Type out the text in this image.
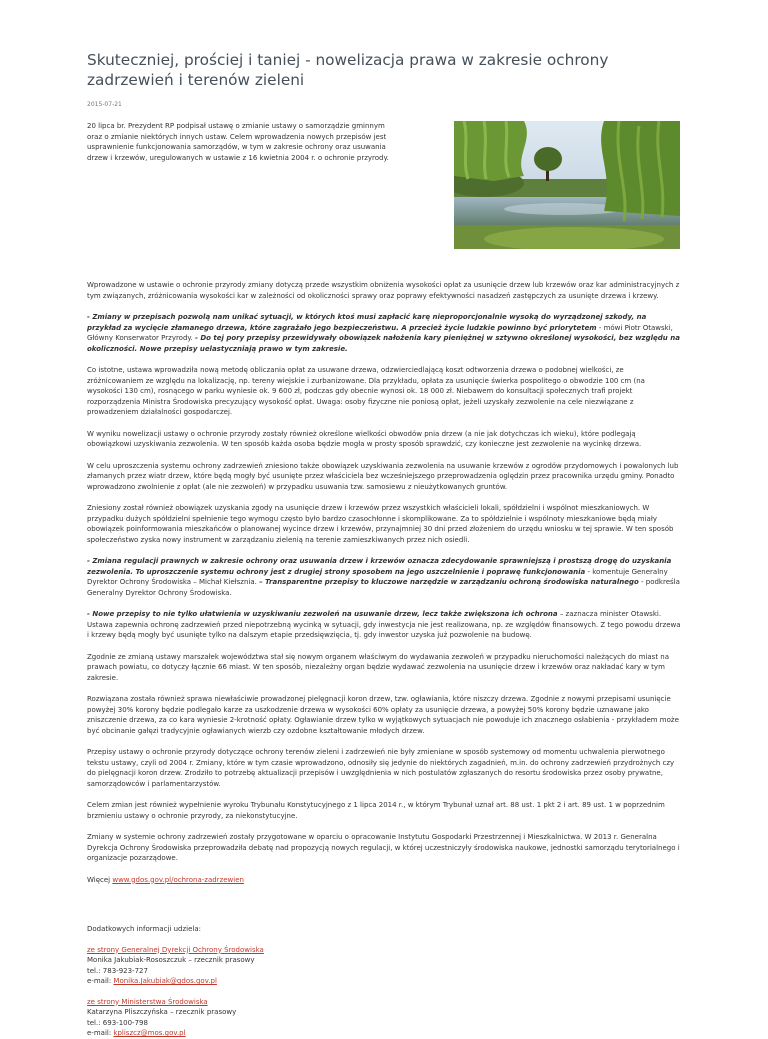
Skuteczniej, prościej i taniej - nowelizacja prawa w zakresie ochrony zadrzewień i terenów zieleni
2015-07-21

20 lipca br. Prezydent RP podpisał ustawę o zmianie ustawy o samorządzie gminnym oraz o zmianie niektórych innych ustaw. Celem wprowadzenia nowych przepisów jest usprawnienie funkcjonowania samorządów, w tym w zakresie ochrony oraz usuwania drzew i krzewów, uregulowanych w ustawie z 16 kwietnia 2004 r. o ochronie przyrody.

Wprowadzone w ustawie o ochronie przyrody zmiany dotyczą przede wszystkim obniżenia wysokości opłat za usunięcie drzew lub krzewów oraz kar administracyjnych z tym związanych, zróżnicowania wysokości kar w zależności od okoliczności sprawy oraz poprawy efektywności nasadzeń zastępczych za usunięte drzewa i krzewy.

- Zmiany w przepisach pozwolą nam unikać sytuacji, w których ktoś musi zapłacić karę nieproporcjonalnie wysoką do wyrządzonej szkody, na przykład za wycięcie złamanego drzewa, które zagrażało jego bezpieczeństwu. A przecież życie ludzkie powinno być priorytetem - mówi Piotr Otawski, Główny Konserwator Przyrody. - Do tej pory przepisy przewidywały obowiązek nałożenia kary pieniężnej w sztywno określonej wysokości, bez względu na okoliczności. Nowe przepisy uelastyczniają prawo w tym zakresie.

Co istotne, ustawa wprowadziła nową metodę obliczania opłat za usuwane drzewa, odzwierciedlającą koszt odtworzenia drzewa o podobnej wielkości, ze zróżnicowaniem ze względu na lokalizację, np. tereny wiejskie i zurbanizowane. Dla przykładu, opłata za usunięcie świerka pospolitego o obwodzie 100 cm (na wysokości 130 cm), rosnącego w parku wyniesie ok. 9 600 zł, podczas gdy obecnie wynosi ok. 18 000 zł. Niebawem do konsultacji społecznych trafi projekt rozporządzenia Ministra Środowiska precyzujący wysokość opłat. Uwaga: osoby fizyczne nie poniosą opłat, jeżeli uzyskały zezwolenie na cele niezwiązane z prowadzeniem działalności gospodarczej.

W wyniku nowelizacji ustawy o ochronie przyrody zostały również określone wielkości obwodów pnia drzew (a nie jak dotychczas ich wieku), które podlegają obowiązkowi uzyskiwania zezwolenia. W ten sposób każda osoba będzie mogła w prosty sposób sprawdzić, czy konieczne jest zezwolenie na wycinkę drzewa.

W celu uproszczenia systemu ochrony zadrzewień zniesiono także obowiązek uzyskiwania zezwolenia na usuwanie krzewów z ogrodów przydomowych i powalonych lub złamanych przez wiatr drzew, które będą mogły być usunięte przez właściciela bez wcześniejszego przeprowadzenia oględzin przez pracownika urzędu gminy. Ponadto wprowadzono zwolnienie z opłat (ale nie zezwoleń) w przypadku usuwania tzw. samosiewu z nieużytkowanych gruntów.

Zniesiony został również obowiązek uzyskania zgody na usunięcie drzew i krzewów przez wszystkich właścicieli lokali, spółdzielni i wspólnot mieszkaniowych. W przypadku dużych spółdzielni spełnienie tego wymogu często było bardzo czasochłonne i skomplikowane. Za to spółdzielnie i wspólnoty mieszkaniowe będą miały obowiązek poinformowania mieszkańców o planowanej wycince drzew i krzewów, przynajmniej 30 dni przed złożeniem do urzędu wniosku w tej sprawie. W ten sposób społeczeństwo zyska nowy instrument w zarządzaniu zielenią na terenie zamieszkiwanych przez nich osiedli.

- Zmiana regulacji prawnych w zakresie ochrony oraz usuwania drzew i krzewów oznacza zdecydowanie sprawniejszą i prostszą drogę do uzyskania zezwolenia. To uproszczenie systemu ochrony jest z drugiej strony sposobem na jego uszczelnienie i poprawę funkcjonowania - komentuje Generalny Dyrektor Ochrony Środowiska – Michał Kiełsznia. – Transparentne przepisy to kluczowe narzędzie w zarządzaniu ochroną środowiska naturalnego - podkreśla Generalny Dyrektor Ochrony Środowiska.

- Nowe przepisy to nie tylko ułatwienia w uzyskiwaniu zezwoleń na usuwanie drzew, lecz także zwiększona ich ochrona – zaznacza minister Otawski. Ustawa zapewnia ochronę zadrzewień przed niepotrzebną wycinką w sytuacji, gdy inwestycja nie jest realizowana, np. ze względów finansowych. Z tego powodu drzewa i krzewy będą mogły być usunięte tylko na dalszym etapie przedsięwzięcia, tj. gdy inwestor uzyska już pozwolenie na budowę.

Zgodnie ze zmianą ustawy marszałek województwa stał się nowym organem właściwym do wydawania zezwoleń w przypadku nieruchomości należących do miast na prawach powiatu, co dotyczy łącznie 66 miast. W ten sposób, niezależny organ będzie wydawać zezwolenia na usunięcie drzew i krzewów oraz nakładać kary w tym zakresie.

Rozwiązana została również sprawa niewłaściwie prowadzonej pielęgnacji koron drzew, tzw. ogławiania, które niszczy drzewa. Zgodnie z nowymi przepisami usunięcie powyżej 30% korony będzie podlegało karze za uszkodzenie drzewa w wysokości 60% opłaty za usunięcie drzewa, a powyżej 50% korony będzie uznawane jako zniszczenie drzewa, za co kara wyniesie 2-krotność opłaty. Ogławianie drzew tylko w wyjątkowych sytuacjach nie powoduje ich znacznego osłabienia - przykładem może być obcinanie gałęzi tradycyjnie ogławianych wierzb czy ozdobne kształtowanie młodych drzew.

Przepisy ustawy o ochronie przyrody dotyczące ochrony terenów zieleni i zadrzewień nie były zmieniane w sposób systemowy od momentu uchwalenia pierwotnego tekstu ustawy, czyli od 2004 r. Zmiany, które w tym czasie wprowadzono, odnosiły się jedynie do niektórych zagadnień, m.in. do ochrony zadrzewień przydrożnych czy do pielęgnacji koron drzew. Zrodziło to potrzebę aktualizacji przepisów i uwzględnienia w nich postulatów zgłaszanych do resortu środowiska przez osoby prywatne, samorządowców i parlamentarzystów.

Celem zmian jest również wypełnienie wyroku Trybunału Konstytucyjnego z 1 lipca 2014 r., w którym Trybunał uznał art. 88 ust. 1 pkt 2 i art. 89 ust. 1 w poprzednim brzmieniu ustawy o ochronie przyrody, za niekonstytucyjne.

Zmiany w systemie ochrony zadrzewień zostały przygotowane w oparciu o opracowanie Instytutu Gospodarki Przestrzennej i Mieszkalnictwa. W 2013 r. Generalna Dyrekcja Ochrony Środowiska przeprowadziła debatę nad propozycją nowych regulacji, w której uczestniczyły środowiska naukowe, jednostki samorządu terytorialnego i organizacje pozarządowe.

Więcej www.gdos.gov.pl/ochrona-zadrzewien

Dodatkowych informacji udziela:

ze strony Generalnej Dyrekcji Ochrony Środowiska
Monika Jakubiak-Rososzczuk – rzecznik prasowy
tel.: 783-923-727
e-mail: Monika.Jakubiak@gdos.gov.pl

ze strony Ministerstwa Środowiska
Katarzyna Pliszczyńska – rzecznik prasowy
tel.: 693-100-798
e-mail: kpliszcz@mos.gov.pl
